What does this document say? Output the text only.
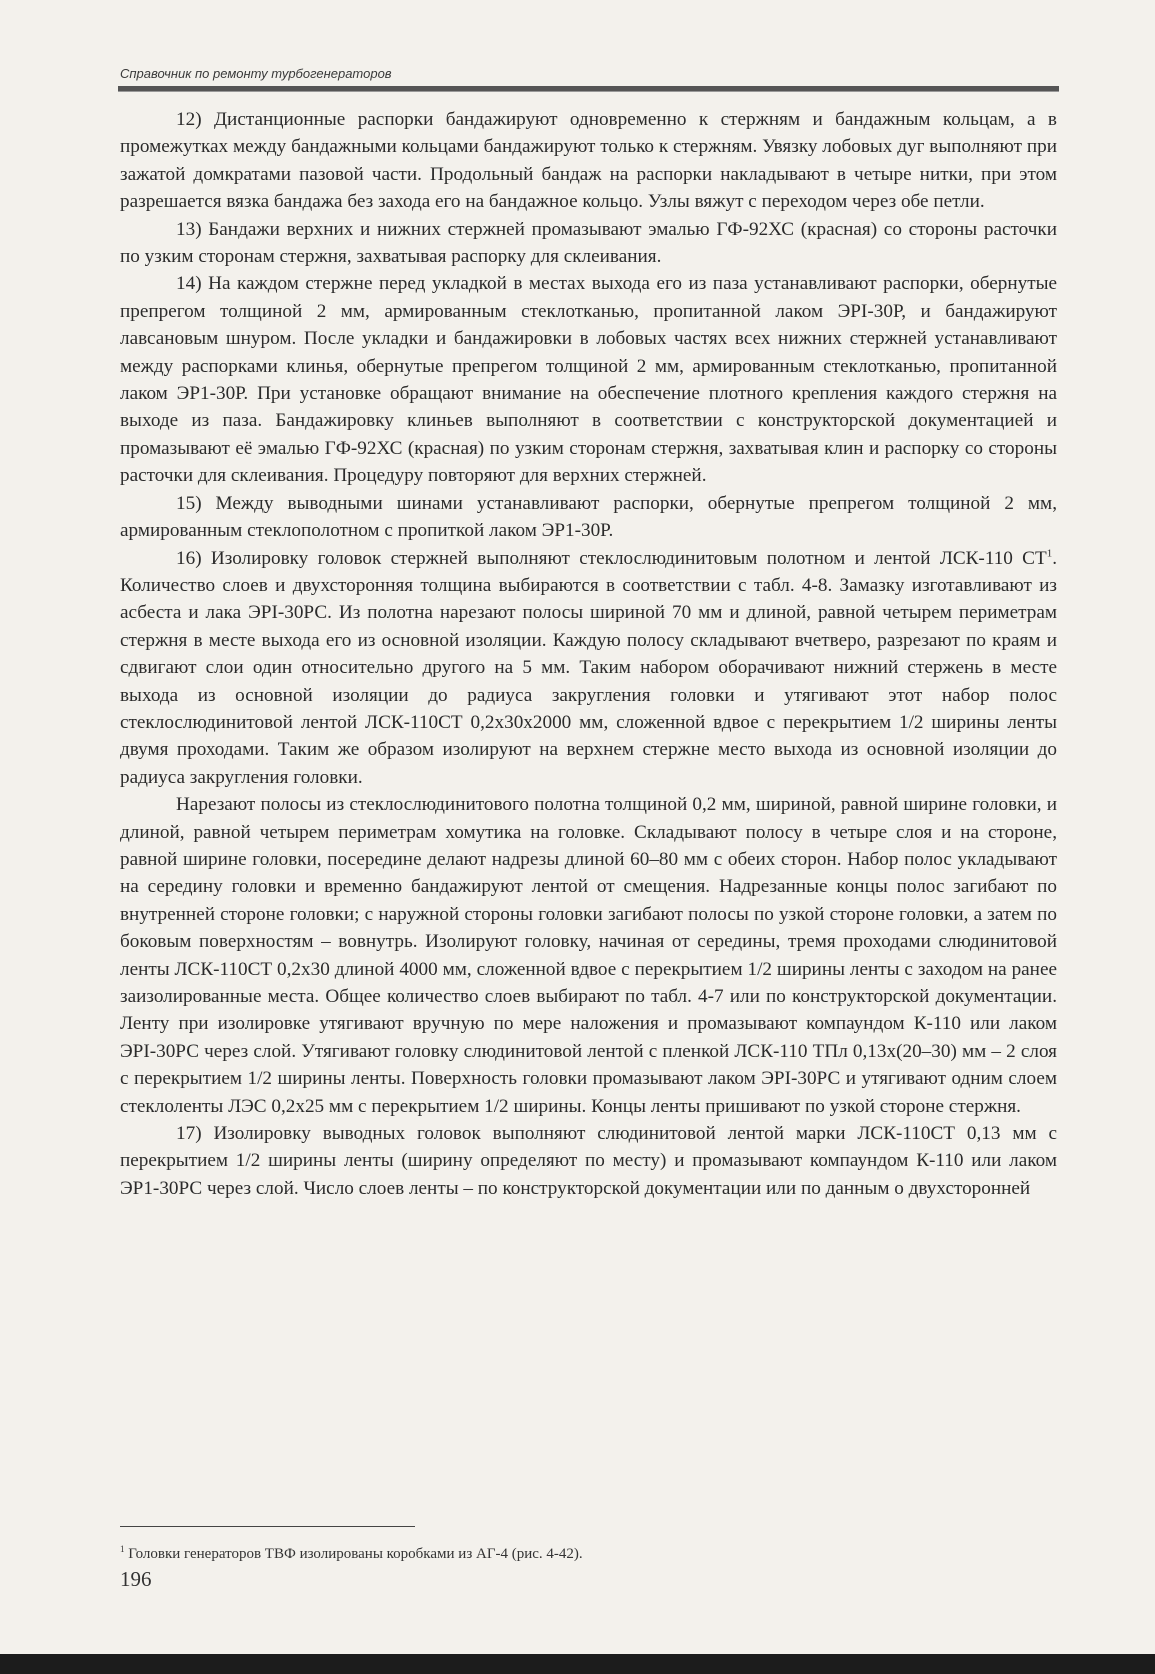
Справочник по ремонту турбогенераторов

12) Дистанционные распорки бандажируют одновременно к стержням и бандажным кольцам, а в промежутках между бандажными кольцами бандажируют только к стержням. Увязку лобовых дуг выполняют при зажатой домкратами пазовой части. Продольный бандаж на распорки накладывают в четыре нитки, при этом разрешается вязка бандажа без захода его на бандажное кольцо. Узлы вяжут с переходом через обе петли.

13) Бандажи верхних и нижних стержней промазывают эмалью ГФ-92ХС (красная) со стороны расточки по узким сторонам стержня, захватывая распорку для склеивания.

14) На каждом стержне перед укладкой в местах выхода его из паза устанавливают распорки, обернутые препрегом толщиной 2 мм, армированным стеклотканью, пропитанной лаком ЭРІ-30Р, и бандажируют лавсановым шнуром. После укладки и бандажировки в лобовых частях всех нижних стержней устанавливают между распорками клинья, обернутые препрегом толщиной 2 мм, армированным стеклотканью, пропитанной лаком ЭР1-30Р. При установке обращают внимание на обеспечение плотного крепления каждого стержня на выходе из паза. Бандажировку клиньев выполняют в соответствии с конструкторской документацией и промазывают её эмалью ГФ-92ХС (красная) по узким сторонам стержня, захватывая клин и распорку со стороны расточки для склеивания. Процедуру повторяют для верхних стержней.

15) Между выводными шинами устанавливают распорки, обернутые препрегом толщиной 2 мм, армированным стеклополотном с пропиткой лаком ЭР1-30Р.

16) Изолировку головок стержней выполняют стеклослюдинитовым полотном и лентой ЛСК-110 $СТ^1$. Количество слоев и двухсторонняя толщина выбираются в соответствии с табл. 4-8. Замазку изготавливают из асбеста и лака ЭРІ-30РС. Из полотна нарезают полосы шириной 70 мм и длиной, равной четырем периметрам стержня в месте выхода его из основной изоляции. Каждую полосу складывают вчетверо, разрезают по краям и сдвигают слои один относительно другого на 5 мм. Таким набором оборачивают нижний стержень в месте выхода из основной изоляции до радиуса закругления головки и утягивают этот набор полос стеклослюдинитовой лентой ЛСК-110СТ 0,2х30х2000 мм, сложенной вдвое с перекрытием 1/2 ширины ленты двумя проходами. Таким же образом изолируют на верхнем стержне место выхода из основной изоляции до радиуса закругления головки.

Нарезают полосы из стеклослюдинитового полотна толщиной 0,2 мм, шириной, равной ширине головки, и длиной, равной четырем периметрам хомутика на головке. Складывают полосу в четыре слоя и на стороне, равной ширине головки, посередине делают надрезы длиной 60–80 мм с обеих сторон. Набор полос укладывают на середину головки и временно бандажируют лентой от смещения. Надрезанные концы полос загибают по внутренней стороне головки; с наружной стороны головки загибают полосы по узкой стороне головки, а затем по боковым поверхностям – вовнутрь. Изолируют головку, начиная от середины, тремя проходами слюдинитовой ленты ЛСК-110СТ 0,2х30 длиной 4000 мм, сложенной вдвое с перекрытием 1/2 ширины ленты с заходом на ранее заизолированные места. Общее количество слоев выбирают по табл. 4-7 или по конструкторской документации. Ленту при изолировке утягивают вручную по мере наложения и промазывают компаундом К-110 или лаком ЭРІ-30РС через слой. Утягивают головку слюдинитовой лентой с пленкой ЛСК-110 ТПл 0,13х(20–30) мм – 2 слоя с перекрытием 1/2 ширины ленты. Поверхность головки промазывают лаком ЭРІ-30РС и утягивают одним слоем стеклоленты ЛЭС 0,2х25 мм с перекрытием 1/2 ширины. Концы ленты пришивают по узкой стороне стержня.

17) Изолировку выводных головок выполняют слюдинитовой лентой марки ЛСК-110СТ 0,13 мм с перекрытием 1/2 ширины ленты (ширину определяют по месту) и промазывают компаундом К-110 или лаком ЭР1-30РС через слой. Число слоев ленты – по конструкторской документации или по данным о двухсторонней

$^1$ Головки генераторов ТВФ изолированы коробками из АГ-4 (рис. 4-42).
196
